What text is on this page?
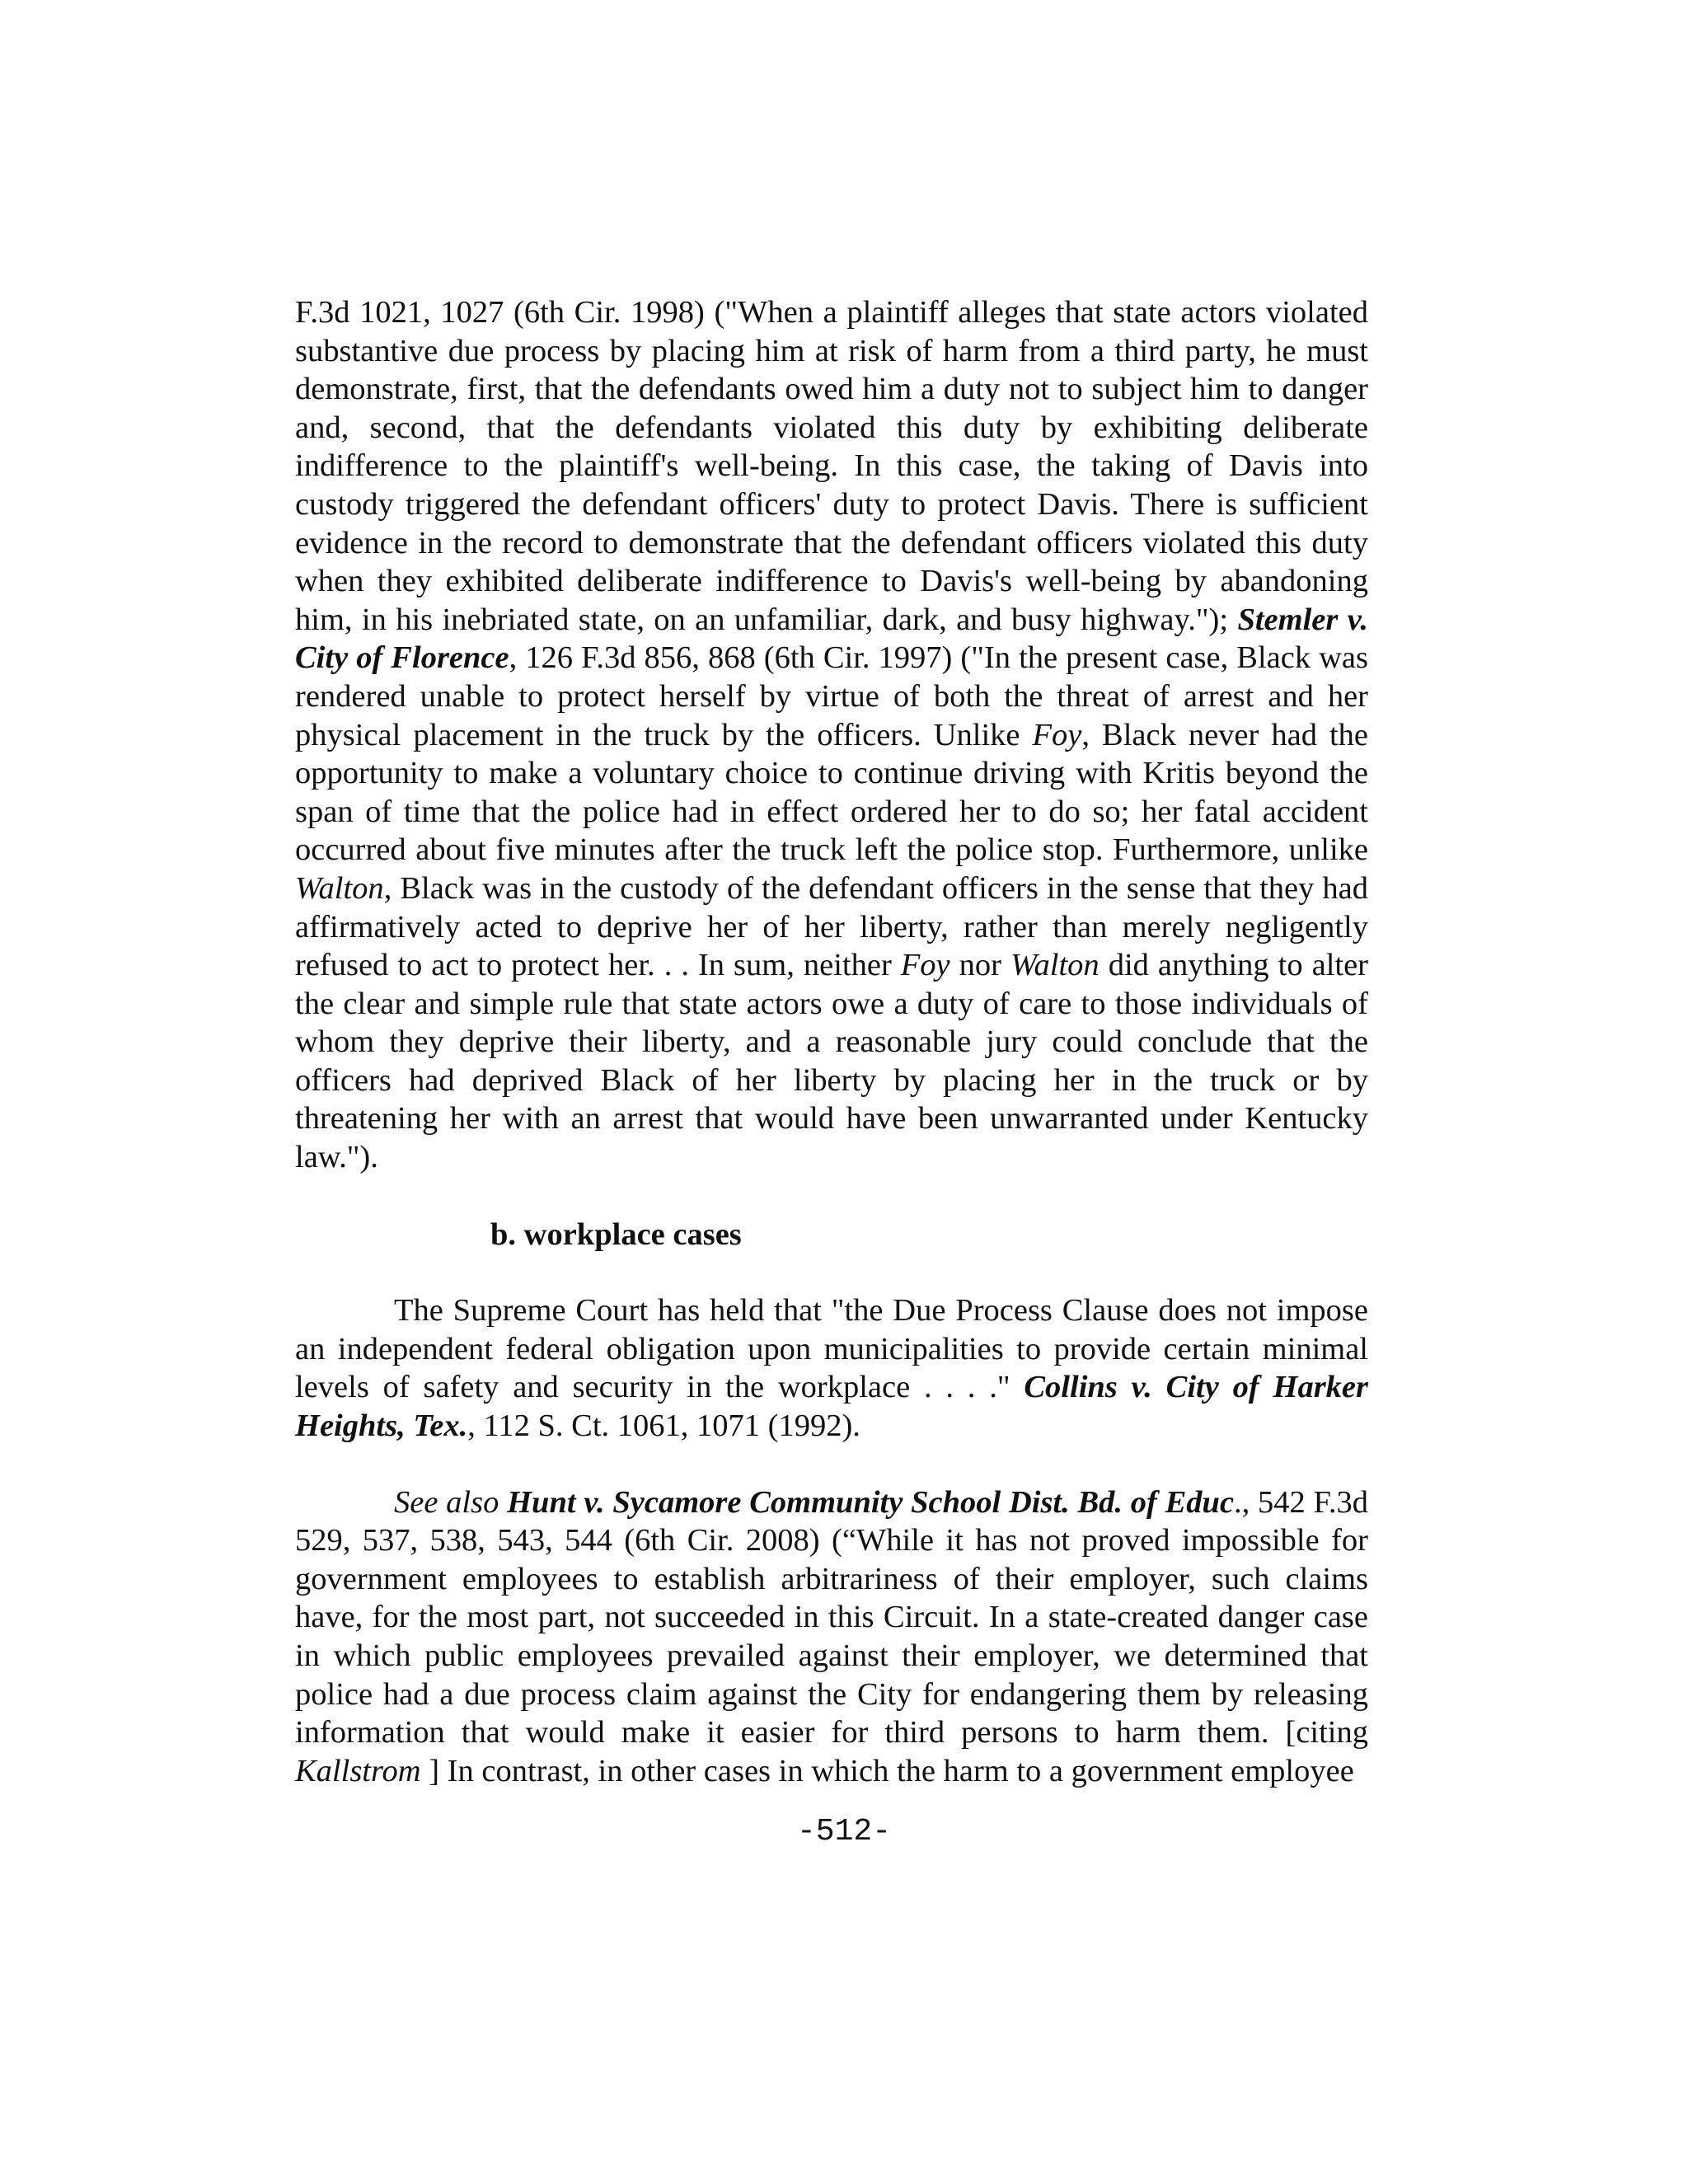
F.3d 1021, 1027 (6th Cir. 1998) ("When a plaintiff alleges that state actors violated substantive due process by placing him at risk of harm from a third party, he must demonstrate, first, that the defendants owed him a duty not to subject him to danger and, second, that the defendants violated this duty by exhibiting deliberate indifference to the plaintiff's well-being. In this case, the taking of Davis into custody triggered the defendant officers' duty to protect Davis. There is sufficient evidence in the record to demonstrate that the defendant officers violated this duty when they exhibited deliberate indifference to Davis's well-being by abandoning him, in his inebriated state, on an unfamiliar, dark, and busy highway."); Stemler v. City of Florence, 126 F.3d 856, 868 (6th Cir. 1997) ("In the present case, Black was rendered unable to protect herself by virtue of both the threat of arrest and her physical placement in the truck by the officers. Unlike Foy, Black never had the opportunity to make a voluntary choice to continue driving with Kritis beyond the span of time that the police had in effect ordered her to do so; her fatal accident occurred about five minutes after the truck left the police stop. Furthermore, unlike Walton, Black was in the custody of the defendant officers in the sense that they had affirmatively acted to deprive her of her liberty, rather than merely negligently refused to act to protect her. . . In sum, neither Foy nor Walton did anything to alter the clear and simple rule that state actors owe a duty of care to those individuals of whom they deprive their liberty, and a reasonable jury could conclude that the officers had deprived Black of her liberty by placing her in the truck or by threatening her with an arrest that would have been unwarranted under Kentucky law.").

b. workplace cases

The Supreme Court has held that "the Due Process Clause does not impose an independent federal obligation upon municipalities to provide certain minimal levels of safety and security in the workplace . . . ." Collins v. City of Harker Heights, Tex., 112 S. Ct. 1061, 1071 (1992).

See also Hunt v. Sycamore Community School Dist. Bd. of Educ., 542 F.3d 529, 537, 538, 543, 544 (6th Cir. 2008) (“While it has not proved impossible for government employees to establish arbitrariness of their employer, such claims have, for the most part, not succeeded in this Circuit. In a state-created danger case in which public employees prevailed against their employer, we determined that police had a due process claim against the City for endangering them by releasing information that would make it easier for third persons to harm them. [citing Kallstrom ] In contrast, in other cases in which the harm to a government employee

-512-
